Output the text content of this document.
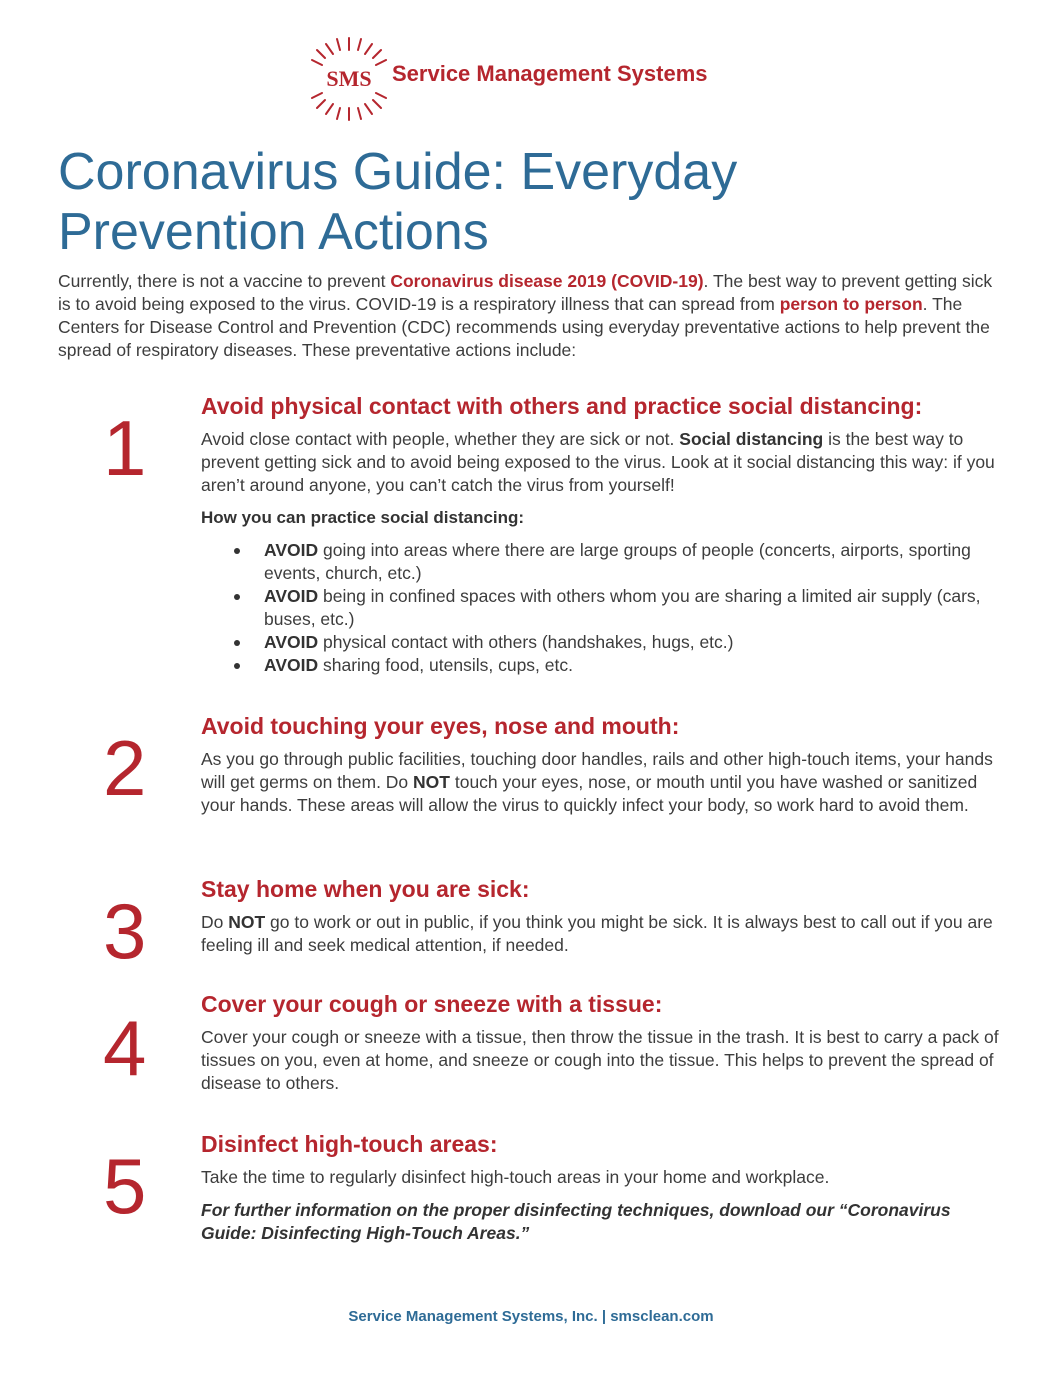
SMS Service Management Systems
Coronavirus Guide: Everyday Prevention Actions

Currently, there is not a vaccine to prevent Coronavirus disease 2019 (COVID-19). The best way to prevent getting sick is to avoid being exposed to the virus. COVID-19 is a respiratory illness that can spread from person to person. The Centers for Disease Control and Prevention (CDC) recommends using everyday preventative actions to help prevent the spread of respiratory diseases. These preventative actions include:

1 Avoid physical contact with others and practice social distancing:

Avoid close contact with people, whether they are sick or not. Social distancing is the best way to prevent getting sick and to avoid being exposed to the virus. Look at it social distancing this way: if you aren’t around anyone, you can’t catch the virus from yourself!

How you can practice social distancing:
AVOID going into areas where there are large groups of people (concerts, airports, sporting events, church, etc.)
AVOID being in confined spaces with others whom you are sharing a limited air supply (cars, buses, etc.)
AVOID physical contact with others (handshakes, hugs, etc.)
AVOID sharing food, utensils, cups, etc.
2 Avoid touching your eyes, nose and mouth:

As you go through public facilities, touching door handles, rails and other high-touch items, your hands will get germs on them. Do NOT touch your eyes, nose, or mouth until you have washed or sanitized your hands. These areas will allow the virus to quickly infect your body, so work hard to avoid them.

3 Stay home when you are sick:

Do NOT go to work or out in public, if you think you might be sick. It is always best to call out if you are feeling ill and seek medical attention, if needed.

4 Cover your cough or sneeze with a tissue:

Cover your cough or sneeze with a tissue, then throw the tissue in the trash. It is best to carry a pack of tissues on you, even at home, and sneeze or cough into the tissue. This helps to prevent the spread of disease to others.

5 Disinfect high-touch areas:

Take the time to regularly disinfect high-touch areas in your home and workplace.

For further information on the proper disinfecting techniques, download our “Coronavirus Guide: Disinfecting High-Touch Areas.”

Service Management Systems, Inc. | smsclean.com
